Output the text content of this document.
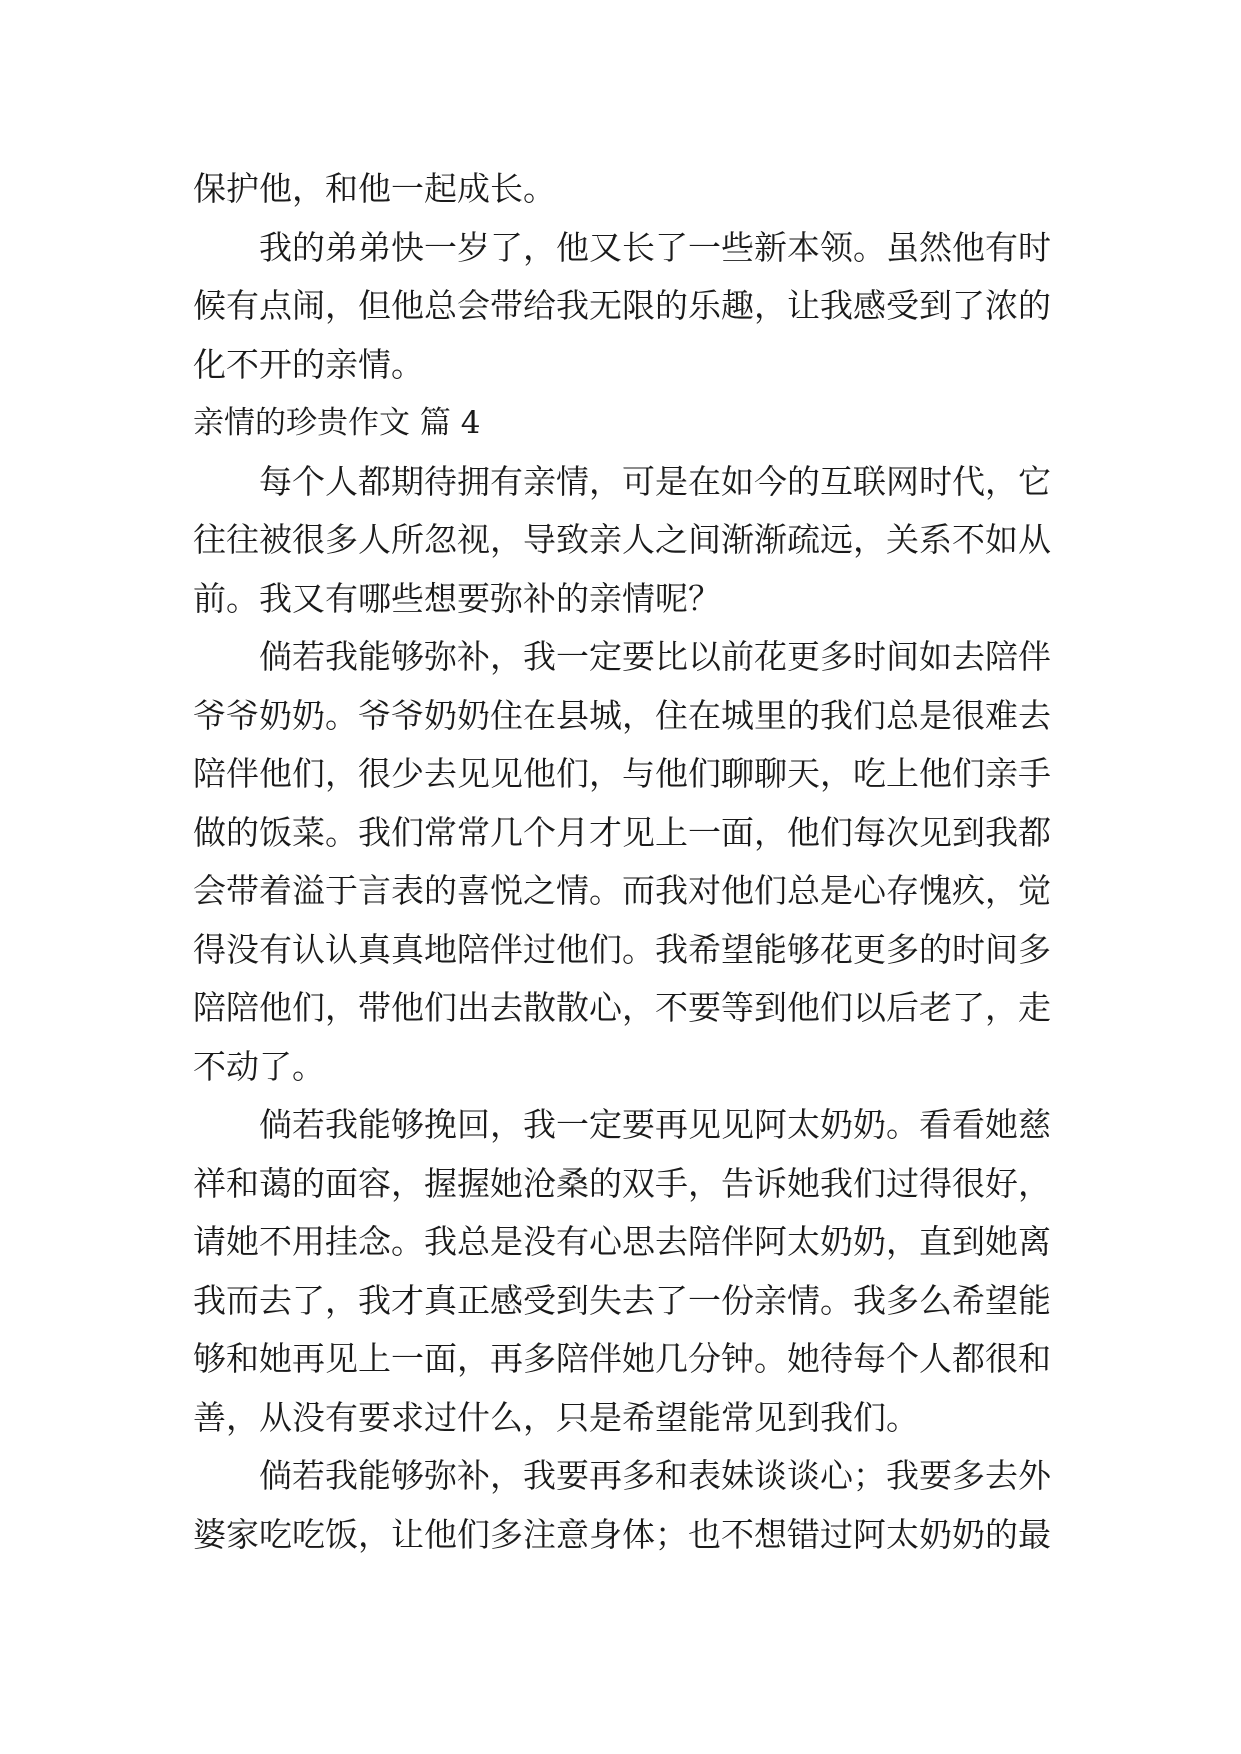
保护他，和他一起成长。

我的弟弟快一岁了，他又长了一些新本领。虽然他有时候有点闹，但他总会带给我无限的乐趣，让我感受到了浓的化不开的亲情。

亲情的珍贵作文 篇 4

每个人都期待拥有亲情，可是在如今的互联网时代，它往往被很多人所忽视，导致亲人之间渐渐疏远，关系不如从前。我又有哪些想要弥补的亲情呢？

倘若我能够弥补，我一定要比以前花更多时间如去陪伴爷爷奶奶。爷爷奶奶住在县城，住在城里的我们总是很难去陪伴他们，很少去见见他们，与他们聊聊天，吃上他们亲手做的饭菜。我们常常几个月才见上一面，他们每次见到我都会带着溢于言表的喜悦之情。而我对他们总是心存愧疚，觉得没有认认真真地陪伴过他们。我希望能够花更多的时间多陪陪他们，带他们出去散散心，不要等到他们以后老了，走不动了。

倘若我能够挽回，我一定要再见见阿太奶奶。看看她慈祥和蔼的面容，握握她沧桑的双手，告诉她我们过得很好，请她不用挂念。我总是没有心思去陪伴阿太奶奶，直到她离我而去了，我才真正感受到失去了一份亲情。我多么希望能够和她再见上一面，再多陪伴她几分钟。她待每个人都很和善，从没有要求过什么，只是希望能常见到我们。

倘若我能够弥补，我要再多和表妹谈谈心；我要多去外婆家吃吃饭，让他们多注意身体；也不想错过阿太奶奶的最
